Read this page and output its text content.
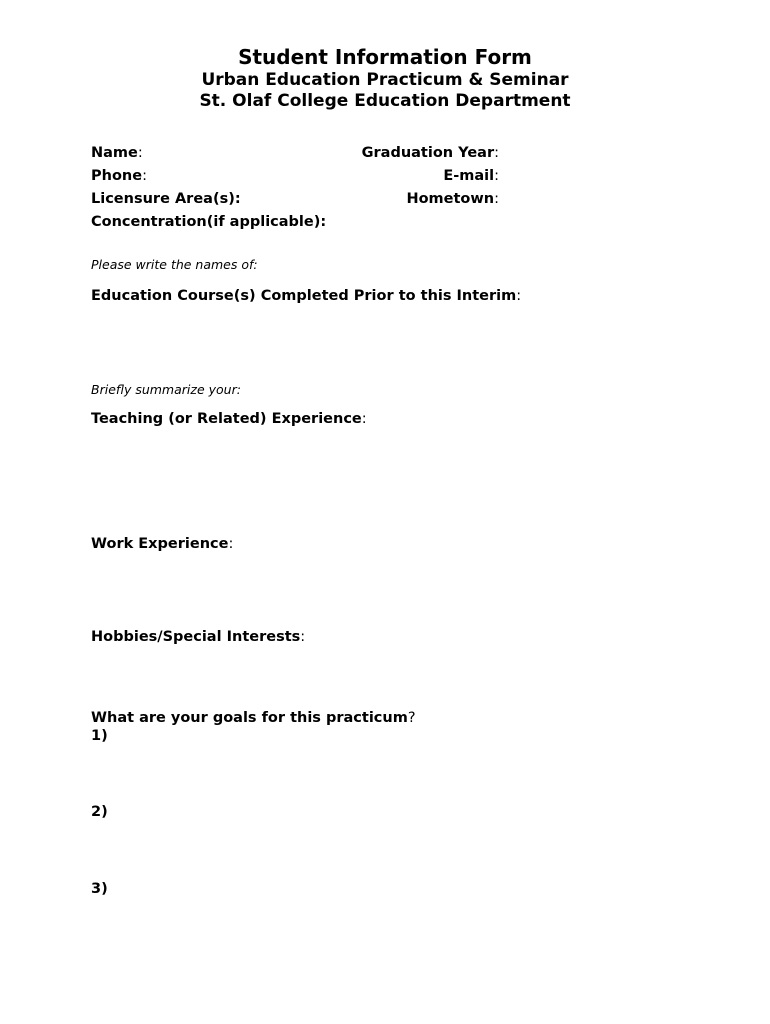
Student Information Form
Urban Education Practicum & Seminar
St. Olaf College Education Department
Name:	Graduation Year:
Phone:	E-mail:
Licensure Area(s):	Hometown:
Concentration(if applicable):
Please write the names of:
Education Course(s) Completed Prior to this Interim:
Briefly summarize your:
Teaching (or Related) Experience:
Work Experience:
Hobbies/Special Interests:
What are your goals for this practicum?
1)
2)
3)
